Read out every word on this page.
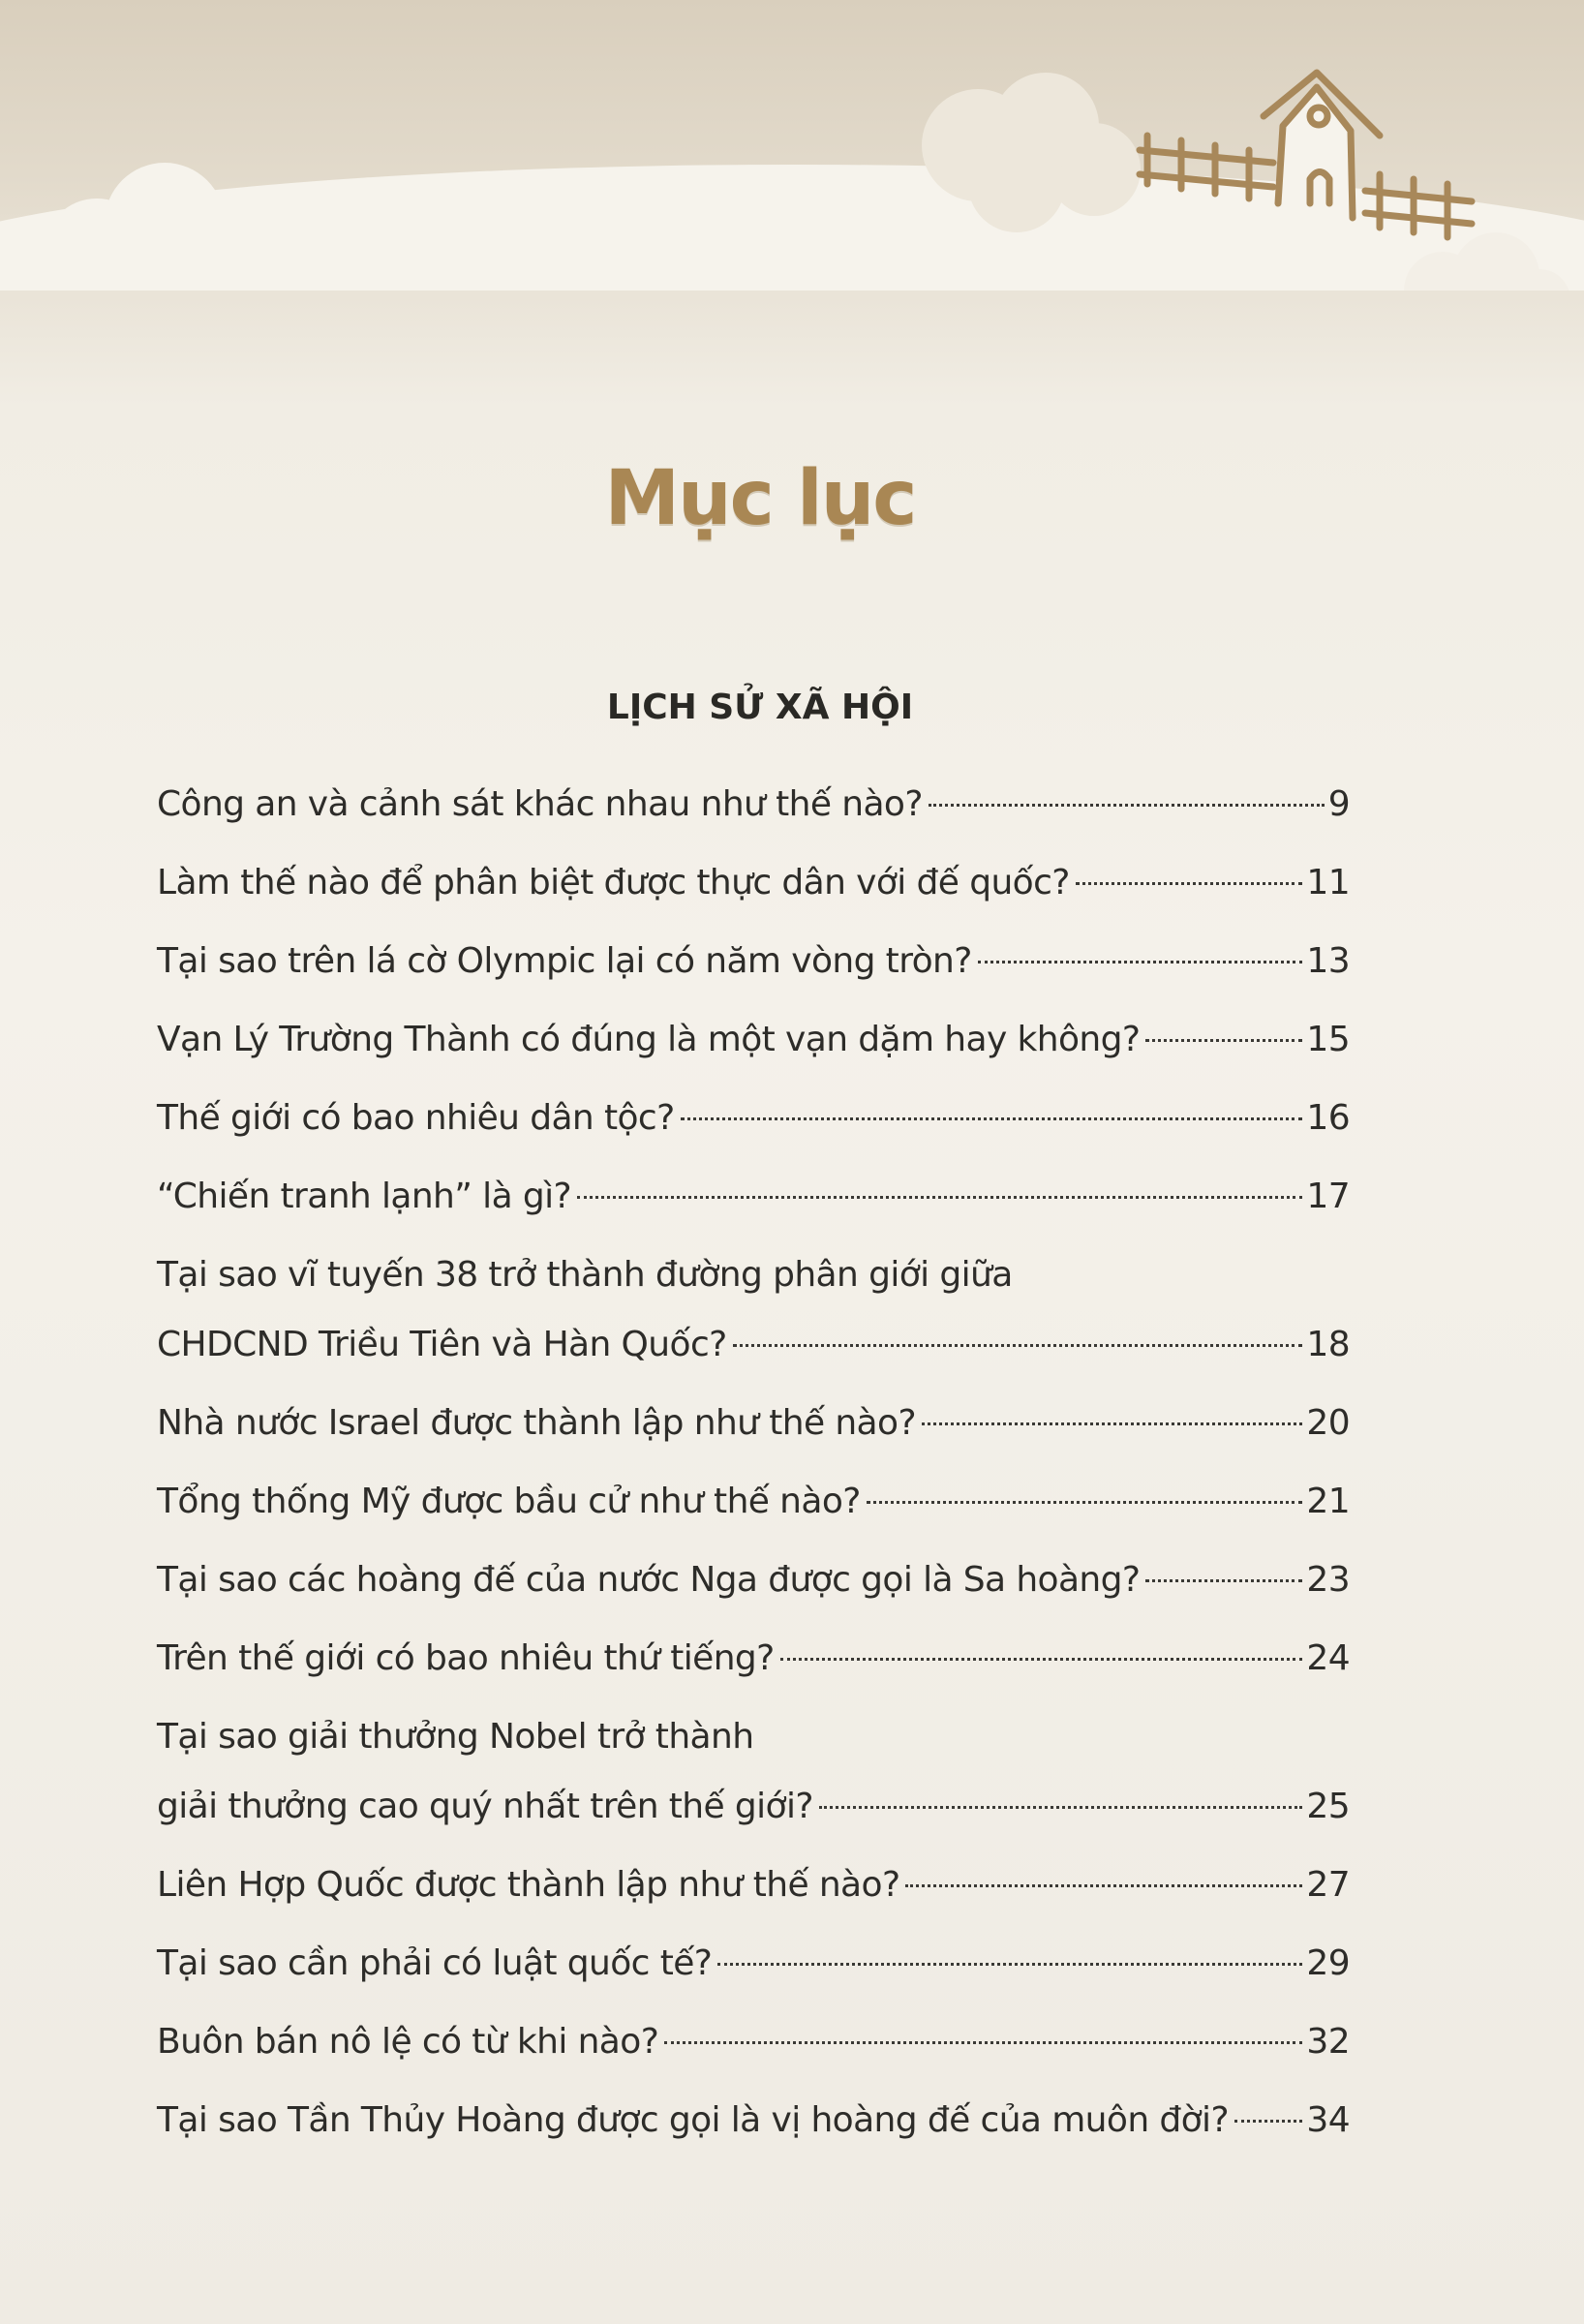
Mục lục
LỊCH SỬ XÃ HỘI
Công an và cảnh sát khác nhau như thế nào?	9
Làm thế nào để phân biệt được thực dân với đế quốc?	11
Tại sao trên lá cờ Olympic lại có năm vòng tròn?	13
Vạn Lý Trường Thành có đúng là một vạn dặm hay không?	15
Thế giới có bao nhiêu dân tộc?	16
“Chiến tranh lạnh” là gì?	17
Tại sao vĩ tuyến 38 trở thành đường phân giới giữa
CHDCND Triều Tiên và Hàn Quốc?	18
Nhà nước Israel được thành lập như thế nào?	20
Tổng thống Mỹ được bầu cử như thế nào?	21
Tại sao các hoàng đế của nước Nga được gọi là Sa hoàng?	23
Trên thế giới có bao nhiêu thứ tiếng?	24
Tại sao giải thưởng Nobel trở thành
giải thưởng cao quý nhất trên thế giới?	25
Liên Hợp Quốc được thành lập như thế nào?	27
Tại sao cần phải có luật quốc tế?	29
Buôn bán nô lệ có từ khi nào?	32
Tại sao Tần Thủy Hoàng được gọi là vị hoàng đế của muôn đời? 34
